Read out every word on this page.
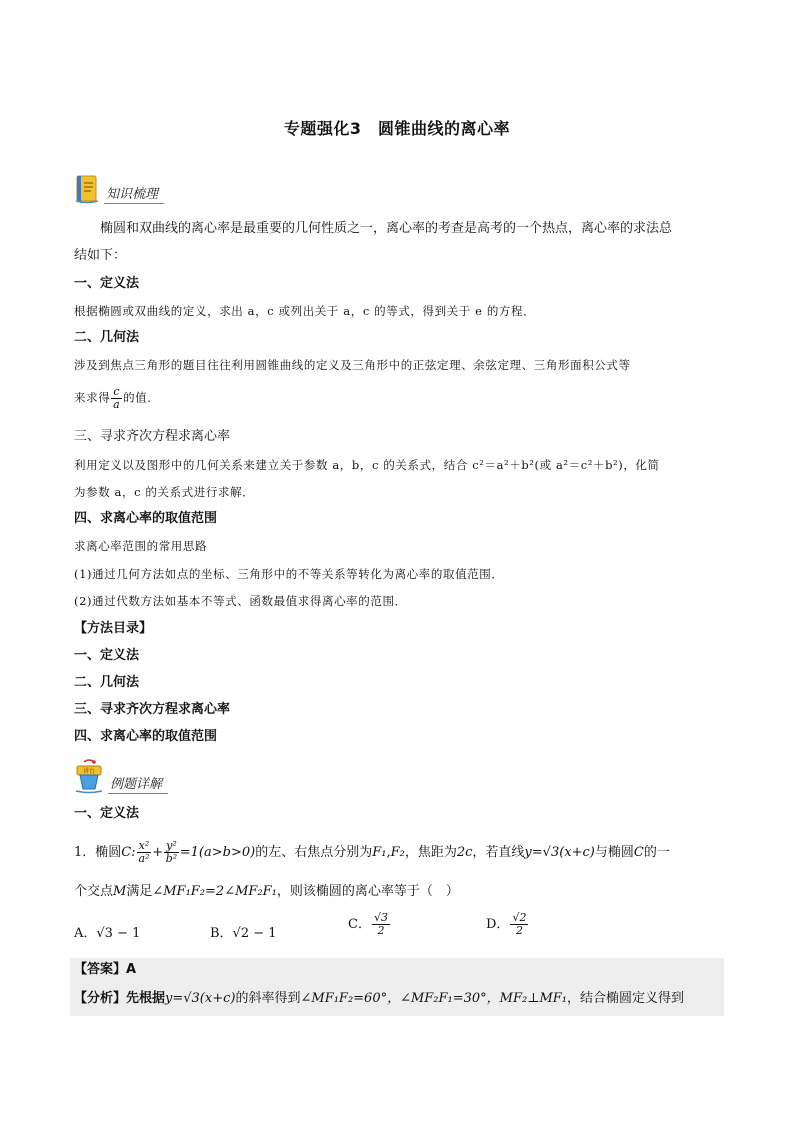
专题强化3　圆锥曲线的离心率
知识梳理
椭圆和双曲线的离心率是最重要的几何性质之一，离心率的考查是高考的一个热点，离心率的求法总
结如下：
一、定义法
根据椭圆或双曲线的定义，求出 a，c 或列出关于 a，c 的等式，得到关于 e 的方程．
二、几何法
涉及到焦点三角形的题目往往利用圆锥曲线的定义及三角形中的正弦定理、余弦定理、三角形面积公式等
来求得 $\frac{c}{a}$ 的值．
三、寻求齐次方程求离心率
利用定义以及图形中的几何关系来建立关于参数 a，b，c 的关系式，结合 c²＝a²＋b²(或 a²＝c²＋b²)，化简
为参数 a，c 的关系式进行求解．
四、求离心率的取值范围
求离心率范围的常用思路
(1)通过几何方法如点的坐标、三角形中的不等关系等转化为离心率的取值范围．
(2)通过代数方法如基本不等式、函数最值求得离心率的范围．
【方法目录】
一、定义法
二、几何法
三、寻求齐次方程求离心率
四、求离心率的取值范围
讲台
例题详解
一、定义法
1．椭圆C: $\frac{\text{x²}}{\text{a²}} + \frac{\text{y²}}{\text{b²}} =1(a>b>0)$的左、右焦点分别为F₁,F₂，焦距为2c，若直线y=√3(x+c)与椭圆C的一
个交点M满足∠MF₁F₂=2∠MF₂F₁，则该椭圆的离心率等于（　）
A．√3 − 1	B．√2 − 1
C． $\frac{√3}{2}$	D． $\frac{√2}{2}$
【答案】A
【分析】先根据y=√3(x+c)的斜率得到∠MF₁F₂=60°，∠MF₂F₁=30°，MF₂⊥MF₁，结合椭圆定义得到
